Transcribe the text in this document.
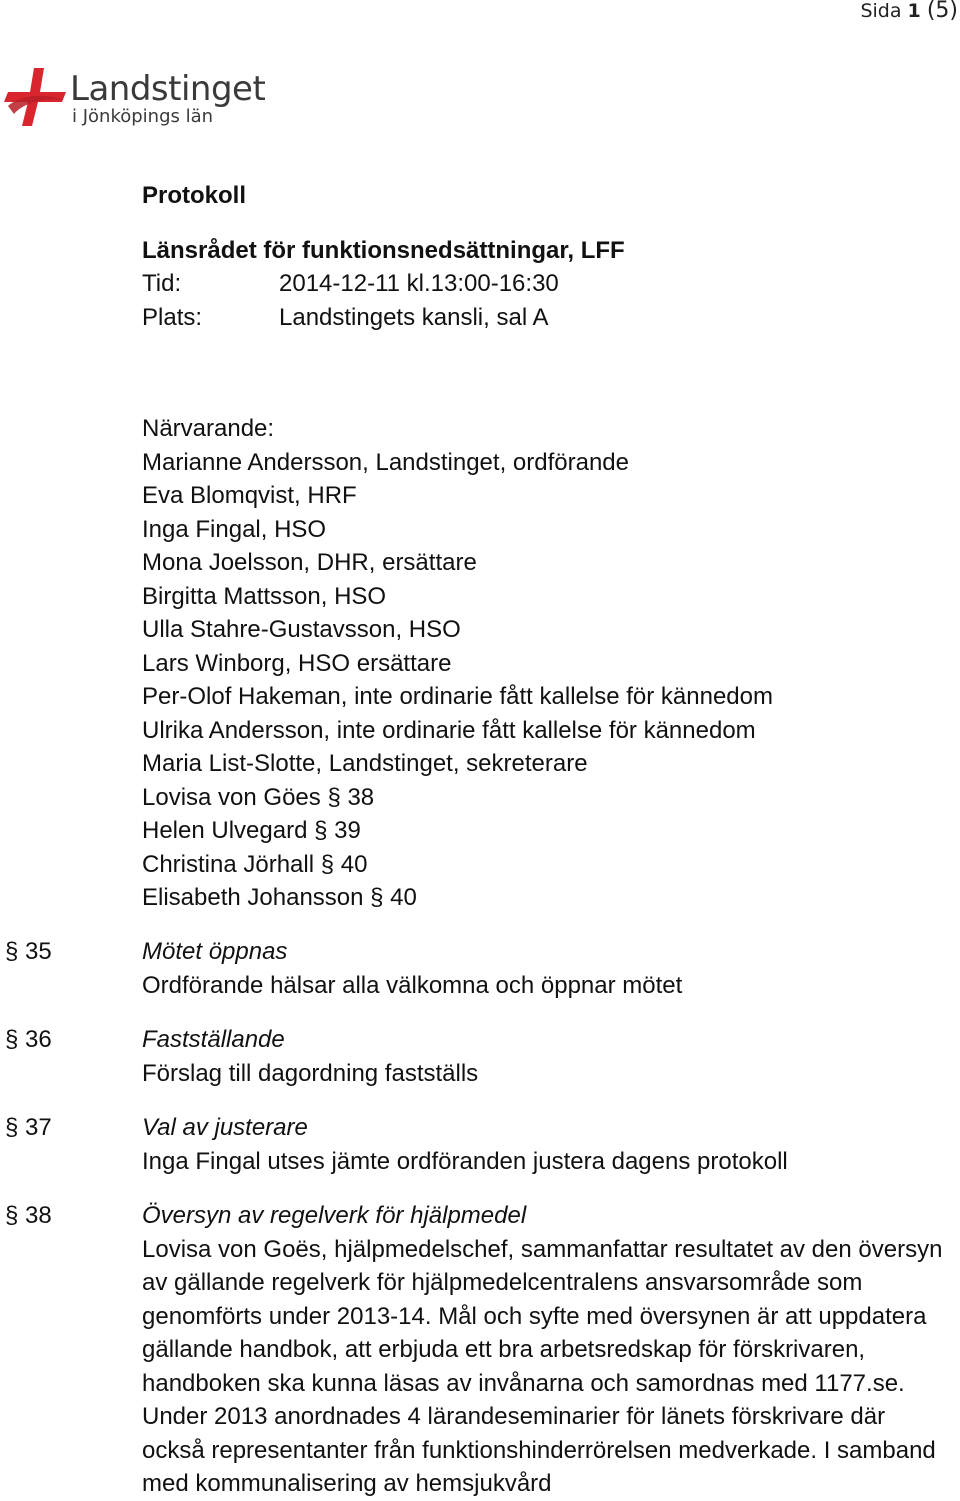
Sida 1 (5)
Landstinget
i Jönköpings län
Protokoll
Länsrådet för funktionsnedsättningar, LFF
Tid:	2014-12-11 kl.13:00-16:30
Plats:	Landstingets kansli, sal A
Närvarande:
Marianne Andersson, Landstinget, ordförande
Eva Blomqvist, HRF
Inga Fingal, HSO
Mona Joelsson, DHR, ersättare
Birgitta Mattsson, HSO
Ulla Stahre-Gustavsson, HSO
Lars Winborg, HSO ersättare
Per-Olof Hakeman, inte ordinarie fått kallelse för kännedom
Ulrika Andersson, inte ordinarie fått kallelse för kännedom
Maria List-Slotte, Landstinget, sekreterare
Lovisa von Göes § 38
Helen Ulvegard § 39
Christina Jörhall § 40
Elisabeth Johansson § 40
§ 35	Mötet öppnas

Ordförande hälsar alla välkomna och öppnar mötet

§ 36	Fastställande

Förslag till dagordning fastställs

§ 37	Val av justerare

Inga Fingal utses jämte ordföranden justera dagens protokoll

§ 38	Översyn av regelverk för hjälpmedel

Lovisa von Goës, hjälpmedelschef, sammanfattar resultatet av den översyn av gällande regelverk för hjälpmedelcentralens ansvarsområde som genomförts under 2013-14. Mål och syfte med översynen är att uppdatera gällande handbok, att erbjuda ett bra arbetsredskap för förskrivaren, handboken ska kunna läsas av invånarna och samordnas med 1177.se. Under 2013 anordnades 4 lärandeseminarier för länets förskrivare där också representanter från funktionshinderrörelsen medverkade. I samband med kommunalisering av hemsjukvård
